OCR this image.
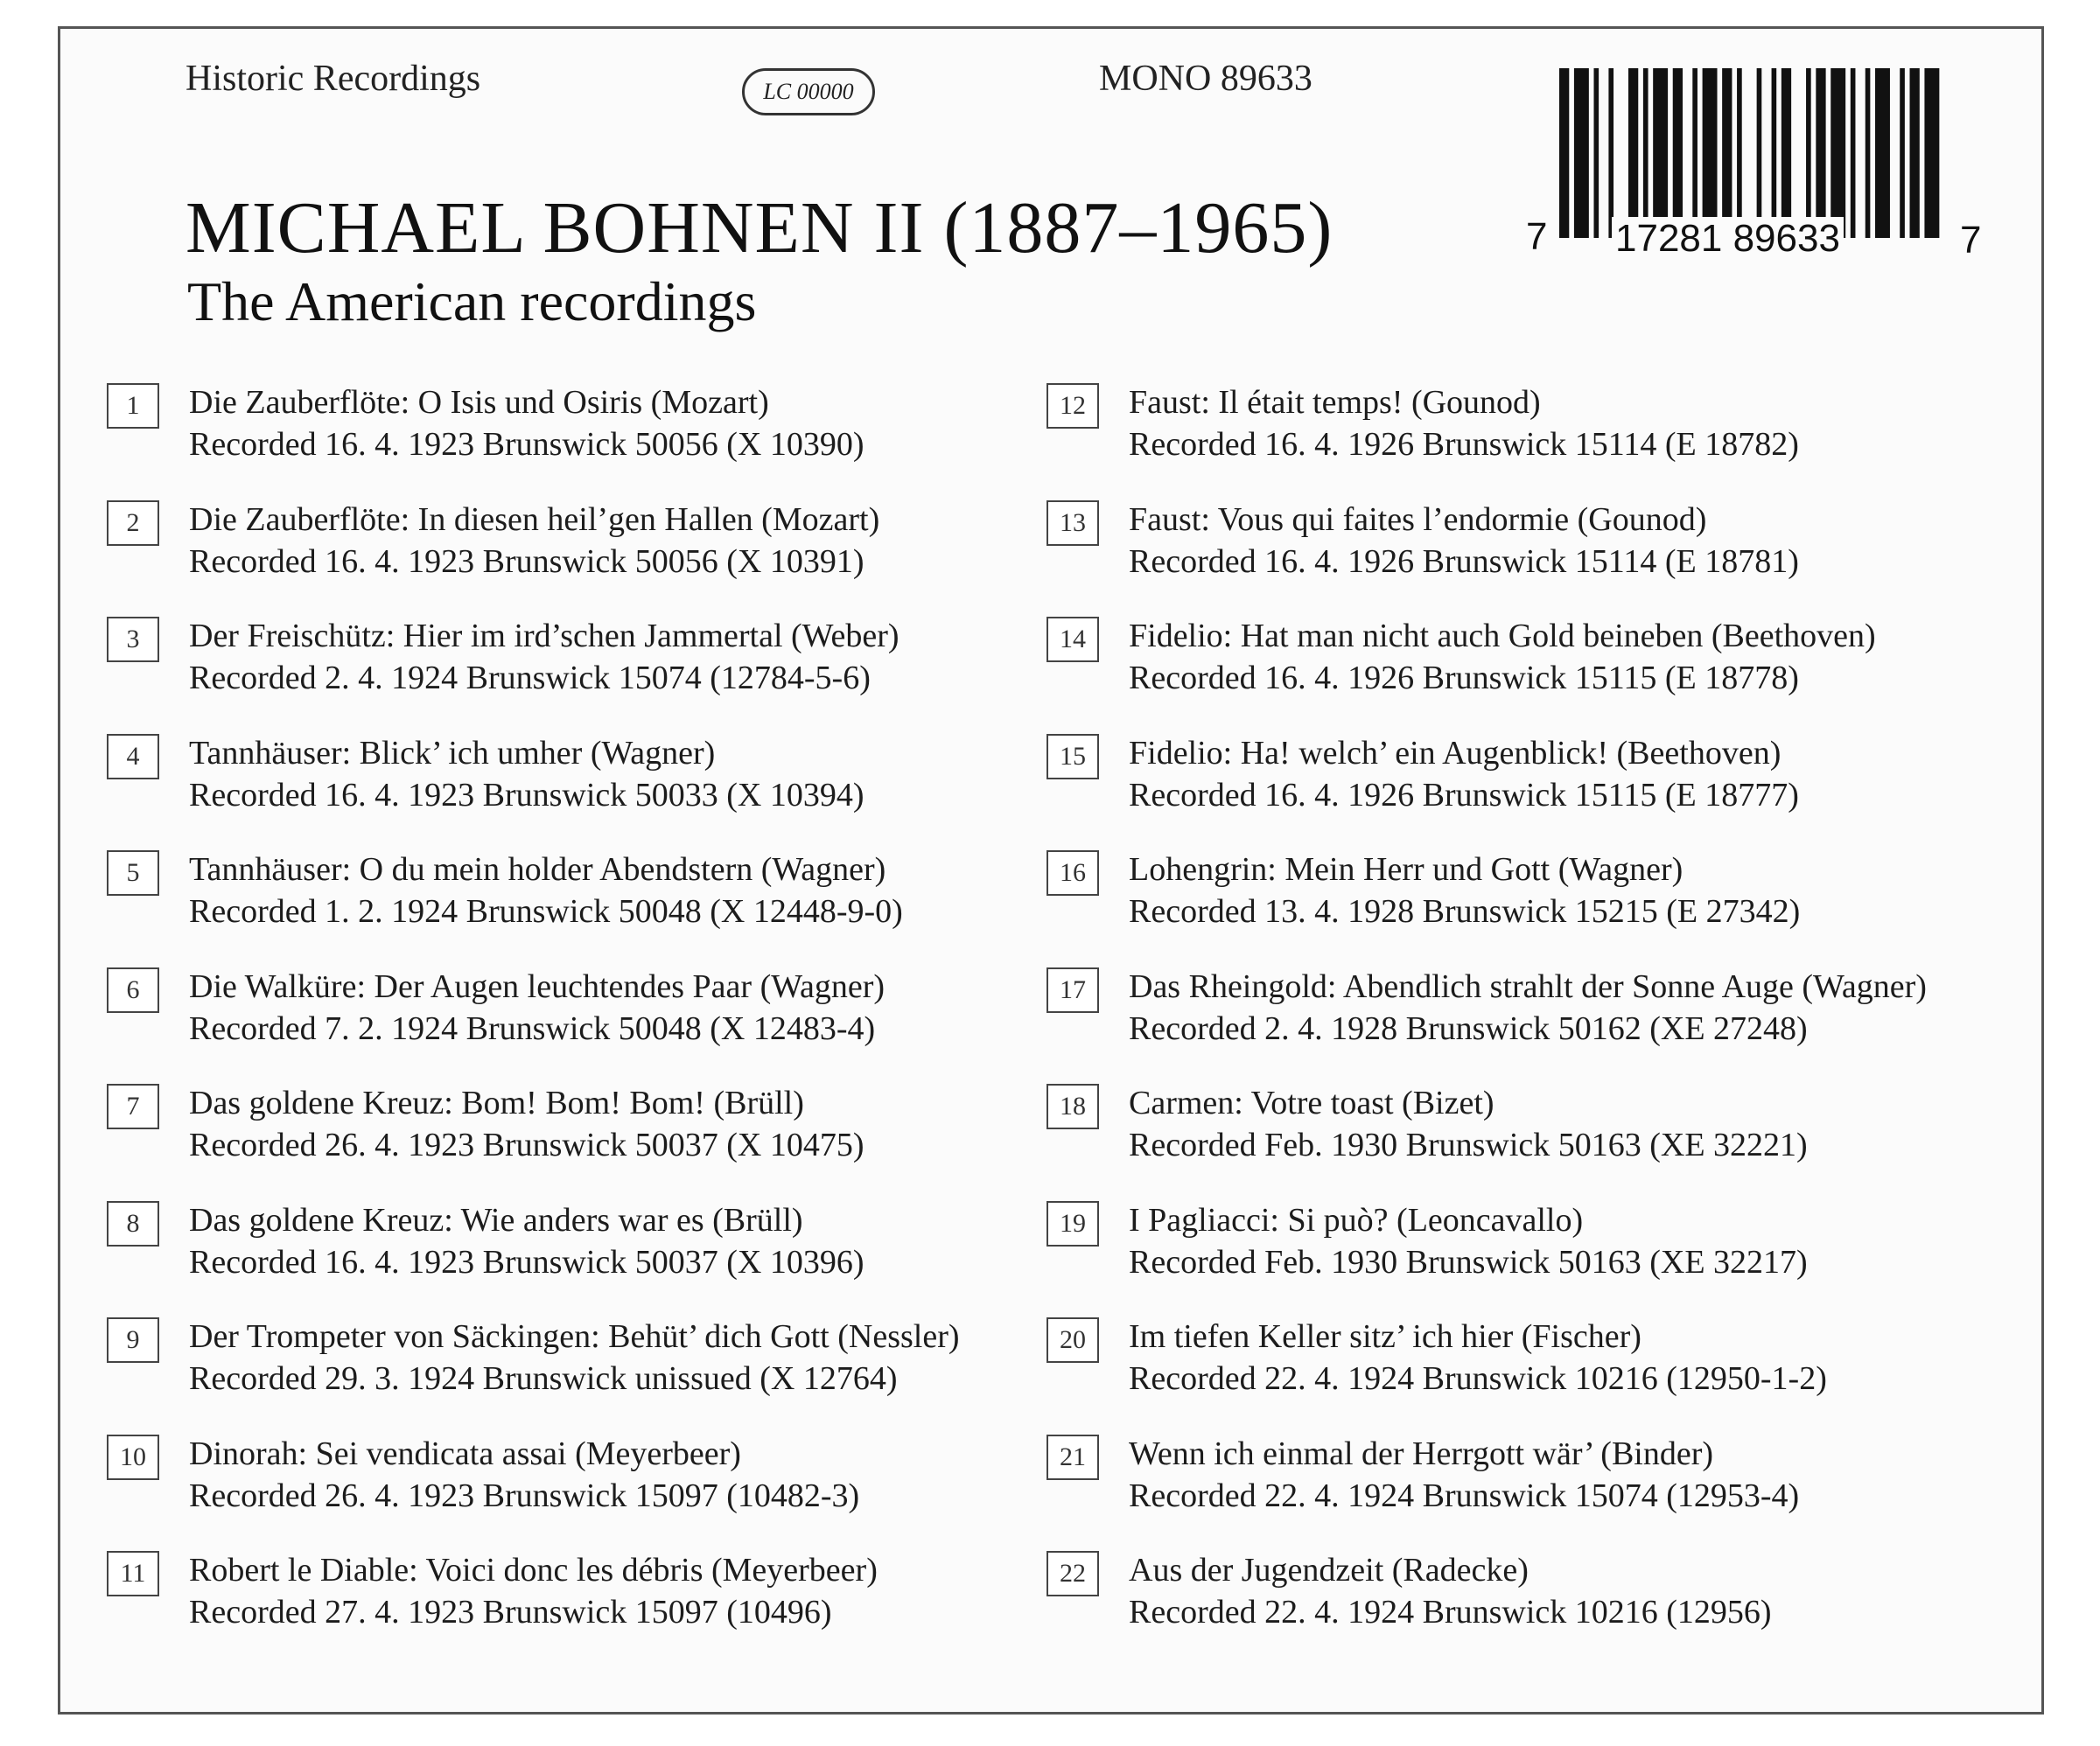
Historic Recordings	LC 00000	MONO 89633
7 17281 89633	7
MICHAEL BOHNEN II (1887–1965)
The American recordings
1	Die Zauberflöte: O Isis und Osiris (Mozart)
Recorded 16. 4. 1923 Brunswick 50056 (X 10390)
2	Die Zauberflöte: In diesen heil’gen Hallen (Mozart)
Recorded 16. 4. 1923 Brunswick 50056 (X 10391)
3	Der Freischütz: Hier im ird’schen Jammertal (Weber)
Recorded 2. 4. 1924 Brunswick 15074 (12784-5-6)
4	Tannhäuser: Blick’ ich umher (Wagner)
Recorded 16. 4. 1923 Brunswick 50033 (X 10394)
5	Tannhäuser: O du mein holder Abendstern (Wagner)
Recorded 1. 2. 1924 Brunswick 50048 (X 12448-9-0)
6	Die Walküre: Der Augen leuchtendes Paar (Wagner)
Recorded 7. 2. 1924 Brunswick 50048 (X 12483-4)
7	Das goldene Kreuz: Bom! Bom! Bom! (Brüll)
Recorded 26. 4. 1923 Brunswick 50037 (X 10475)
8	Das goldene Kreuz: Wie anders war es (Brüll)
Recorded 16. 4. 1923 Brunswick 50037 (X 10396)
9	Der Trompeter von Säckingen: Behüt’ dich Gott (Nessler)
Recorded 29. 3. 1924 Brunswick unissued (X 12764)
10	Dinorah: Sei vendicata assai (Meyerbeer)
Recorded 26. 4. 1923 Brunswick 15097 (10482-3)
11	Robert le Diable: Voici donc les débris (Meyerbeer)
Recorded 27. 4. 1923 Brunswick 15097 (10496)
12	Faust: Il était temps! (Gounod)
Recorded 16. 4. 1926 Brunswick 15114 (E 18782)
13	Faust: Vous qui faites l’endormie (Gounod)
Recorded 16. 4. 1926 Brunswick 15114 (E 18781)
14	Fidelio: Hat man nicht auch Gold beineben (Beethoven)
Recorded 16. 4. 1926 Brunswick 15115 (E 18778)
15	Fidelio: Ha! welch’ ein Augenblick! (Beethoven)
Recorded 16. 4. 1926 Brunswick 15115 (E 18777)
16	Lohengrin: Mein Herr und Gott (Wagner)
Recorded 13. 4. 1928 Brunswick 15215 (E 27342)
17	Das Rheingold: Abendlich strahlt der Sonne Auge (Wagner)
Recorded 2. 4. 1928 Brunswick 50162 (XE 27248)
18	Carmen: Votre toast (Bizet)
Recorded Feb. 1930 Brunswick 50163 (XE 32221)
19	I Pagliacci: Si può? (Leoncavallo)
Recorded Feb. 1930 Brunswick 50163 (XE 32217)
20	Im tiefen Keller sitz’ ich hier (Fischer)
Recorded 22. 4. 1924 Brunswick 10216 (12950-1-2)
21	Wenn ich einmal der Herrgott wär’ (Binder)
Recorded 22. 4. 1924 Brunswick 15074 (12953-4)
22	Aus der Jugendzeit (Radecke)
Recorded 22. 4. 1924 Brunswick 10216 (12956)
